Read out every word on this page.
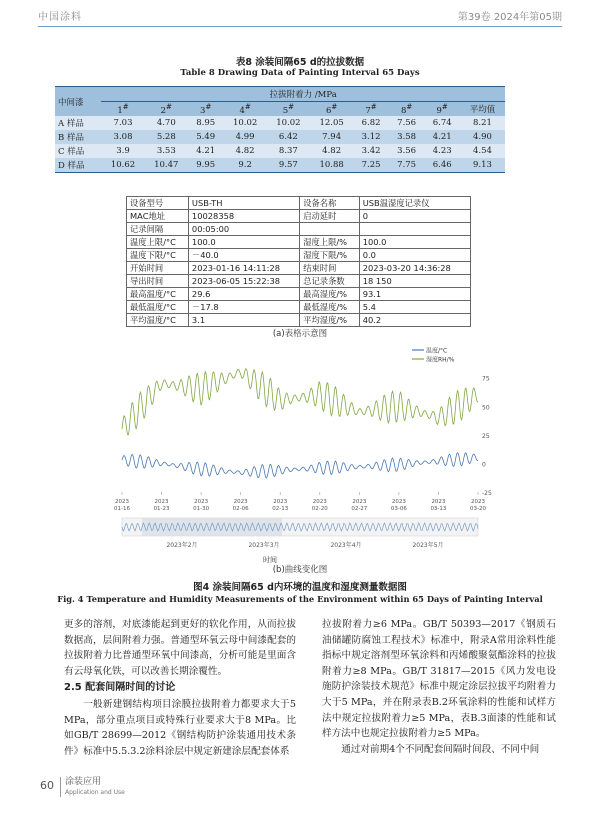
中国涂料	第39卷 2024年第05期
表8 涂装间隔65 d的拉拔数据
Table 8 Drawing Data of Painting Interval 65 Days
中间漆	拉拔附着力 /MPa									
	1#	2#	3#	4#	5#	6#	7#	8#	9#	平均值
A 样品	7.03	4.70	8.95	10.02	10.02	12.05	6.82	7.56	6.74	8.21
B 样品	3.08	5.28	5.49	4.99	6.42	7.94	3.12	3.58	4.21	4.90
C 样品	3.9	3.53	4.21	4.82	8.37	4.82	3.42	3.56	4.23	4.54
D 样品	10.62	10.47	9.95	9.2	9.57	10.88	7.25	7.75	6.46	9.13
设备型号	USB-TH	设备名称	USB温湿度记录仪
MAC地址	10028358	启动延时	0
记录间隔	00:05:00		
温度上限/°C	100.0	湿度上限/%	100.0
温度下限/°C	－40.0	湿度下限/%	0.0
开始时间	2023-01-16 14:11:28	结束时间	2023-03-20 14:36:28
导出时间	2023-06-05 15:22:38	总记录条数	18 150
最高温度/°C	29.6	最高湿度/%	93.1
最低温度/°C	－17.8	最低湿度/%	5.4
平均温度/°C	3.1	平均湿度/%	40.2
(a)表格示意图
75
50
25
0
-25
2023
01-16
2023
01-23
2023
01-30
2023
02-06
2023
02-13
2023
02-20
2023
02-27
2023
03-06
2023
03-13
2023
03-20
温度/°C
湿度RH/%
2023年2月	2023年3月	2023年4月	2023年5月
时间
(b)曲线变化图
图4 涂装间隔65 d内环境的温度和湿度测量数据图
Fig. 4 Temperature and Humidity Measurements of the Environment within 65 Days of Painting Interval

更多的溶剂，对底漆能起到更好的软化作用，从而拉拔数据高，层间附着力强。普通型环氧云母中间漆配套的拉拔附着力比普通型环氧中间漆高，分析可能是里面含有云母氧化铁，可以改善长期涂覆性。

2.5 配套间隔时间的讨论

一般新建钢结构项目涂膜拉拔附着力都要求大于5 MPa，部分重点项目或特殊行业要求大于8 MPa。比如GB/T 28699—2012《钢结构防护涂装通用技术条件》标准中5.5.3.2涂料涂层中规定新建涂层配套体系

拉拔附着力≥6 MPa。GB/T 50393—2017《钢质石油储罐防腐蚀工程技术》标准中，附录A常用涂料性能指标中规定溶剂型环氧涂料和丙烯酸聚氨酯涂料的拉拔附着力≥8 MPa。GB/T 31817—2015《风力发电设施防护涂装技术规范》标准中规定涂层拉拔平均附着力大于5 MPa，并在附录表B.2环氧涂料的性能和试样方法中规定拉拔附着力≥5 MPa，表B.3面漆的性能和试样方法中也规定拉拔附着力≥5 MPa。

通过对前期4个不同配套间隔时间段、不同中间

60 涂装应用
Application and Use
